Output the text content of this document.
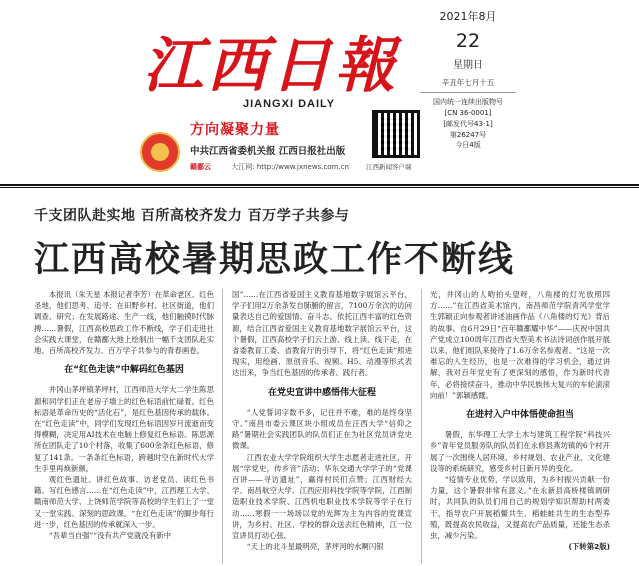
江西日報
JIANGXI DAILY
方向凝聚力量
中共江西省委机关报 江西日报社出版
赣鄱云	大江网: http://www.jxnews.com.cn	江西新闻客户端
2021年8月
22
星期日
辛丑年七月十五
国内统一连续出版物号
[CN 36-0001]
[邮发代号43-1]
第26247号
今日4版
千支团队赴实地 百所高校齐发力 百万学子共参与
江西高校暑期思政工作不断线
本报讯（朱天星 本报记者李芳）在革命老区、红色圣地，他们思考、追寻；在田野乡村、社区街道，他们调查、研究；在发展路途、生产一线，他们触摸时代脉搏……暑假，江西高校思政工作不断线，学子们走进社会实践大课堂，在赣鄱大地上绘制出一幅千支团队赴实地、百所高校齐发力、百万学子共参与的青春画卷。
在“红色走读”中解码红色基因
井冈山茅坪镇茅坪村，江西师范大学大二学生陈思源和同学们正在老房子墙上的红色标语前忙碌着。红色标语是革命历史的“活化石”，是红色基因传承的载体。在“红色走读”中，同学们发现红色标语因岁月流逝而变得模糊，决定用AI技术在电脑上修复红色标语。陈思源所在团队走了10个村落，收集了600余条红色标语，修复了141条。一条条红色标语，跨越时空在新时代大学生手里再焕新颜。
观红色遗址、讲红色故事、访老党员、读红色书籍、写红色感言……在“红色走读”中，江西理工大学、赣南师范大学、上饶师范学院等高校的学生们上了一堂又一堂实践、深刻的思政课。“在红色走读”的脚步每行进一步，红色基因的传承就深入一步。
“吾辈当自强”“没有共产党就没有新中
国”……在江西省爱国主义教育基地数字展馆云平台，学子们用2万余条发自肺腑的留言，7100万余次的访问量表达自己的爱国情、奋斗志。依托江西丰富的红色资源，结合江西省爱国主义教育基地数字展馆云平台，这个暑假，江西高校学子们云上游、线上读、线下走，在省委教育工委、省教育厅的引导下，将“红色走读”照进现实，用绘画、原创音乐、视频、H5、动漫等形式表达出来，争当红色基因的传承者、践行者。
在党史宣讲中感悟伟大征程
“人党誓词字数不多，记住并不难，难的是终身坚守。”南昌市委云课区块小组成员在汪西大学“信仰之路”暑期社会实践团队的队员们正在为社区党员讲党史微课。
江西农业大学学院组织大学生志愿者走进社区，开展“学党史，传乡音”活动；华东交通大学学子的“党课百讲——寻访遗址”，赢得村民们点赞；江西财经大学、南昌航空大学、江西应用科技学院等学院，江西制造职业技术学院、江西机电职业技术学院等学子在行动……寒假一一场场以党的光辉为主为内容的党课宣讲，为乡村、社区、学校的群众送去红色精神，江一位宣讲员打动心弦。
“天上的北斗星最明亮，茅坪河的水啊闪银
光，井冈山的人哟拍头望呀，八角楼的灯光放照四方……”在江西省美术馆内，南昌师范学院青风学堂学生郭颖正向参观者讲述油画作品《八角楼的灯光》背后的故事。自6月29日“百年赣鄱耀中华”——庆祝中国共产党成立100周年江西省大型美术书法诗词创作展开展以来，他们组队来接待了1.6万余名参观者。“这是一次难忘的人生经历，也是一次难得的学习机会，通过讲解，我对百年党史有了更深刻的感悟，作为新时代青年，必将接续奋斗，推动中华民族伟大复兴的车轮滚滚向前！”郭颖感慨。
在进村入户中体悟使命担当
暑假，东华理工大学土木与建筑工程学院“科技兴乡”青年党员服务队的队员们在永修县燕坊镇的6个村开展了一次围绕人居环境、乡村规划、农业产业、文化建设等的系统研究，感受乡村日新月异的变化。
“疫情专业优势，学以致用，为乡村振兴贡献一份力量，这个暑假非常有意义。”在永新县高桥楼镇调研时，共同队的队员们用自己的规划学知识帮助村两委干，指导农户开展稻鳖共生、稻蛙蛙共生的生态型养殖，既提高农民收益，又提高农产品质量，还能生态杀虫，减少污染。
(下转第2版)
